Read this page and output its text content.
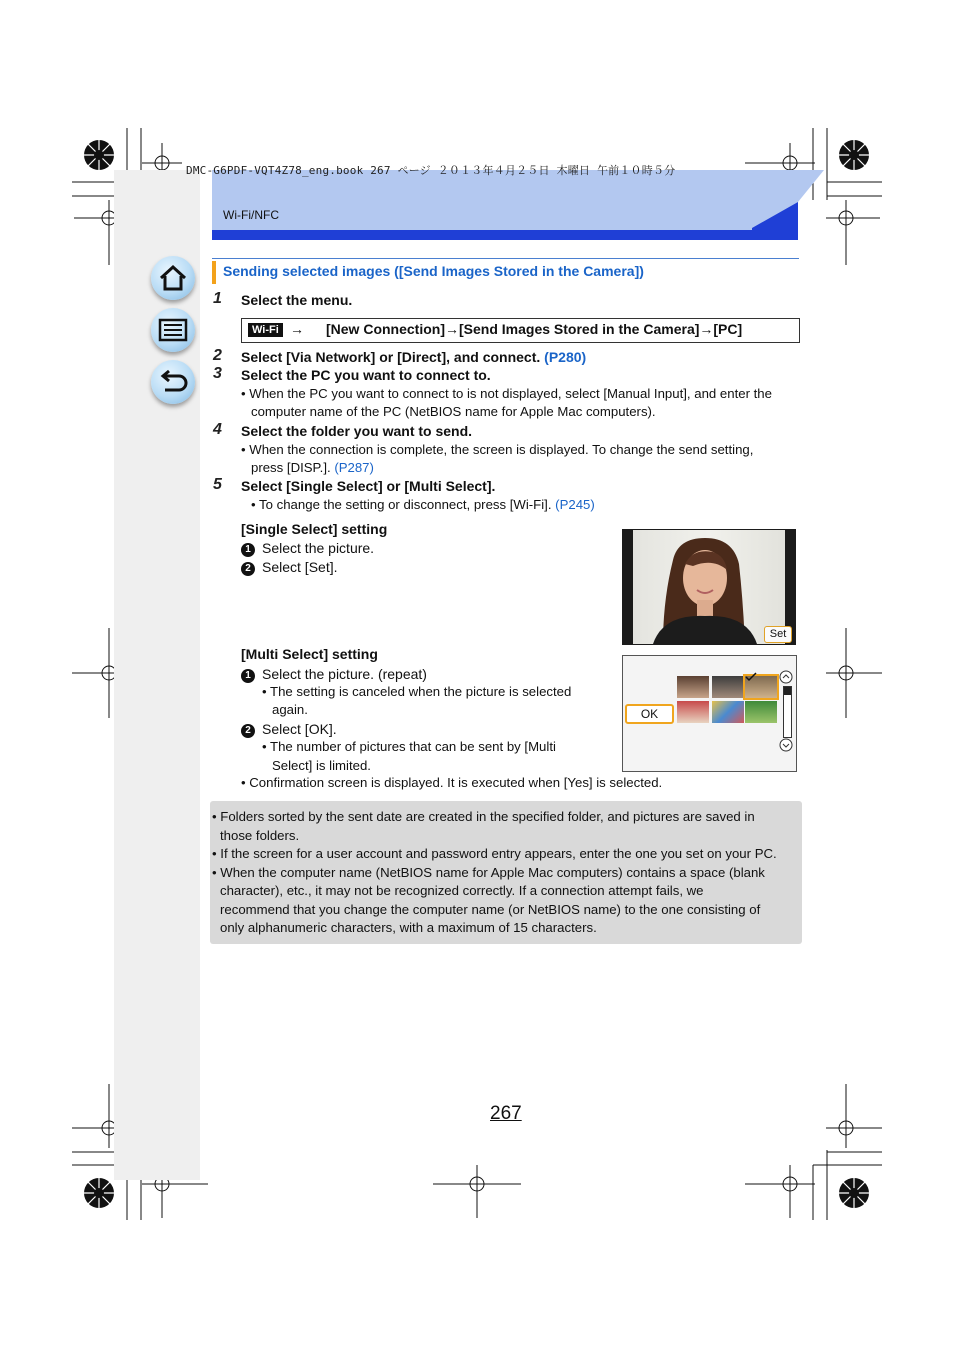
Wi-Fi/NFC
DMC-G6PDF-VQT4Z78_eng.book 267 ページ ２０１３年４月２５日 木曜日 午前１０時５分
Sending selected images ([Send Images Stored in the Camera])
1 Select the menu.
Wi-Fi → [New Connection]→[Send Images Stored in the Camera]→[PC]
2 Select [Via Network] or [Direct], and connect. (P280)
3 Select the PC you want to connect to.
• When the PC you want to connect to is not displayed, select [Manual Input], and enter the
computer name of the PC (NetBIOS name for Apple Mac computers).
4 Select the folder you want to send.
• When the connection is complete, the screen is displayed. To change the send setting,
press [DISP.]. (P287)
5 Select [Single Select] or [Multi Select].
• To change the setting or disconnect, press [Wi-Fi]. (P245)
[Single Select] setting
1 Select the picture.
2 Select [Set].
Set
[Multi Select] setting
1 Select the picture. (repeat)
• The setting is canceled when the picture is selected
again.
2 Select [OK].
• The number of pictures that can be sent by [Multi
Select] is limited.
OK
• Confirmation screen is displayed. It is executed when [Yes] is selected.
• Folders sorted by the sent date are created in the specified folder, and pictures are saved in
those folders.
• If the screen for a user account and password entry appears, enter the one you set on your PC.
• When the computer name (NetBIOS name for Apple Mac computers) contains a space (blank
character), etc., it may not be recognized correctly. If a connection attempt fails, we
recommend that you change the computer name (or NetBIOS name) to the one consisting of
only alphanumeric characters, with a maximum of 15 characters.
267
